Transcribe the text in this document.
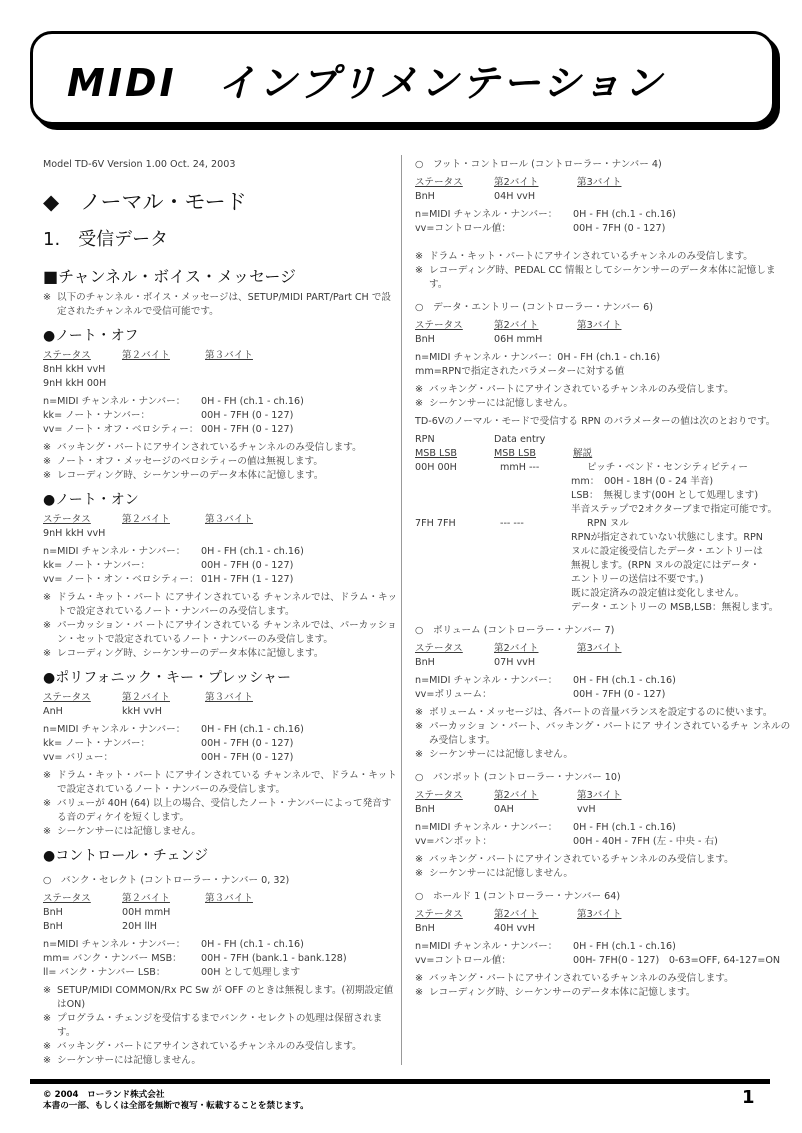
MIDI　インプリメンテーション
Model TD-6V Version 1.00 Oct. 24, 2003
◆　ノーマル・モード
1.　受信データ
■チャンネル・ボイス・メッセージ
※ 以下のチャンネル・ボイス・メッセージは、SETUP/MIDI PART/Part CH で設定されたチャンネルで受信可能です。
●ノート・オフ
ステータス	第２バイト	第３バイト
8nH kkH vvH
9nH kkH 00H
n=MIDI チャンネル・ナンバー：	0H - FH (ch.1 - ch.16)
kk= ノート・ナンバー：	00H - 7FH (0 - 127)
vv= ノート・オフ・ベロシティー： 00H - 7FH (0 - 127)
※ バッキング・パートにアサインされているチャンネルのみ受信します。
※ ノート・オフ・メッセージのベロシティーの値は無視します。
※ レコーディング時、シーケンサーのデータ本体に記憶します。
●ノート・オン
ステータス	第２バイト	第３バイト
9nH kkH vvH
n=MIDI チャンネル・ナンバー：	0H - FH (ch.1 - ch.16)
kk= ノート・ナンバー：	00H - 7FH (0 - 127)
vv= ノート・オン・ベロシティー： 01H - 7FH (1 - 127)
※ ドラム・キット・パート にアサインされている チャンネルでは、ドラム・キットで設定されているノート・ナンバーのみ受信します。
※ パーカッション・パ ートにアサインされている チャンネルでは、パーカッション・セットで設定されているノート・ナンバーのみ受信します。
※ レコーディング時、シーケンサーのデータ本体に記憶します。
●ポリフォニック・キー・プレッシャー
ステータス	第２バイト	第３バイト
AnH	kkH vvH
n=MIDI チャンネル・ナンバー：	0H - FH (ch.1 - ch.16)
kk= ノート・ナンバー：	00H - 7FH (0 - 127)
vv= バリュー：	00H - 7FH (0 - 127)
※ ドラム・キット・パート にアサインされている チャンネルで、ドラム・キットで設定されているノート・ナンバーのみ受信します。
※ バリューが 40H (64) 以上の場合、受信したノート・ナンバーによって発音する音のディケイを短くします。
※ シーケンサーには記憶しません。
●コントロール・チェンジ
○　バンク・セレクト (コントローラー・ナンバー 0, 32)
ステータス	第２バイト	第３バイト
BnH	00H mmH
BnH	20H llH
n=MIDI チャンネル・ナンバー：	0H - FH (ch.1 - ch.16)
mm= バンク・ナンバー MSB：	00H - 7FH (bank.1 - bank.128)
ll= バンク・ナンバー LSB：	00H として処理します
※ SETUP/MIDI COMMON/Rx PC Sw が OFF のときは無視します。(初期設定値はON)
※ プログラム・チェンジを受信するまでバンク・セレクトの処理は保留されます。
※ バッキング・パートにアサインされているチャンネルのみ受信します。
※ シーケンサーには記憶しません。
○　フット・コントロール (コントローラー・ナンバー 4)
ステータス	第2バイト	第3バイト
BnH	04H vvH
n=MIDI チャンネル・ナンバー：	0H - FH (ch.1 - ch.16)
vv=コントロール値：	00H - 7FH (0 - 127)
※ ドラム・キット・パートにアサインされているチャンネルのみ受信します。
※ レコーディング時、PEDAL CC 情報としてシーケンサーのデータ本体に記憶します。
○　データ・エントリー (コントローラー・ナンバー 6)
ステータス	第2バイト	第3バイト
BnH	06H mmH
n=MIDI チャンネル・ナンバー：0H - FH (ch.1 - ch.16)
mm=RPNで指定されたパラメーターに対する値
※ バッキング・パートにアサインされているチャンネルのみ受信します。
※ シーケンサーには記憶しません。
TD-6Vのノーマル・モードで受信する RPN のパラメーターの値は次のとおりです。
RPN	Data entry
MSB LSB	MSB LSB	解説
00H 00H	mmH ---	ピッチ・ベンド・センシティビティー
mm：　00H - 18H (0 - 24 半音)
LSB：　無視します(00H として処理します)
半音ステップで2オクターブまで指定可能です。
7FH 7FH	--- ---	RPN ヌル
RPNが指定されていない状態にします。RPN
ヌルに設定後受信したデータ・エントリーは
無視します。(RPN ヌルの設定にはデータ・
エントリーの送信は不要です。)
既に設定済みの設定値は変化しません。
データ・エントリーの MSB,LSB：無視します。
○　ボリューム (コントローラー・ナンバー 7)
ステータス	第2バイト	第3バイト
BnH	07H vvH
n=MIDI チャンネル・ナンバー：	0H - FH (ch.1 - ch.16)
vv=ボリューム：	00H - 7FH (0 - 127)
※ ボリューム・メッセージは、各パートの音量バランスを設定するのに使います。
※ パーカッショ ン・パート、バッキング・パートにア サインされているチャ ンネルのみ受信します。
※ シーケンサーには記憶しません。
○　パンポット (コントローラー・ナンバー 10)
ステータス	第2バイト	第3バイト
BnH	0AH	vvH
n=MIDI チャンネル・ナンバー：	0H - FH (ch.1 - ch.16)
vv=パンポット：	00H - 40H - 7FH (左 - 中央 - 右)
※ バッキング・パートにアサインされているチャンネルのみ受信します。
※ シーケンサーには記憶しません。
○　ホールド 1 (コントローラー・ナンバー 64)
ステータス	第2バイト	第3バイト
BnH	40H vvH
n=MIDI チャンネル・ナンバー：	0H - FH (ch.1 - ch.16)
vv=コントロール値：	00H- 7FH(0 - 127)　0-63=OFF, 64-127=ON
※ バッキング・パートにアサインされているチャンネルのみ受信します。
※ レコーディング時、シーケンサーのデータ本体に記憶します。
© 2004　ローランド株式会社
本書の一部、もしくは全部を無断で複写・転載することを禁じます。	1
